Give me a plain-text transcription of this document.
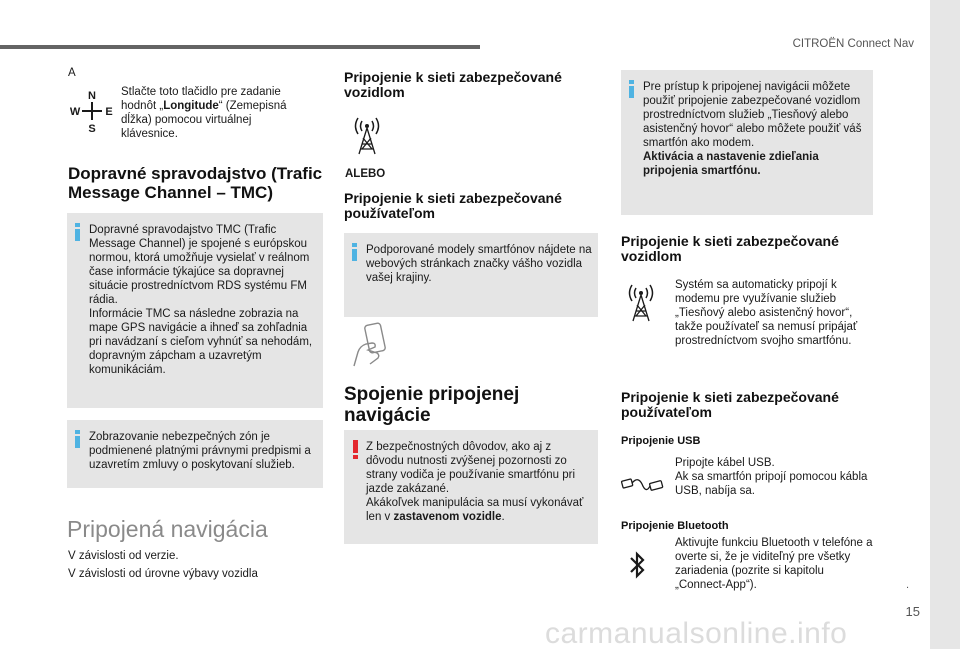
CITROËN Connect Nav
.
15
A
N
W E
S
Stlačte toto tlačidlo pre zadanie hodnôt „Longitude“ (Zemepisná dĺžka) pomocou virtuálnej klávesnice.
Dopravné spravodajstvo (Trafic
Message Channel – TMC)
Dopravné spravodajstvo TMC (Trafic Message Channel) je spojené s európskou normou, ktorá umožňuje vysielať v reálnom čase informácie týkajúce sa dopravnej situácie prostredníctvom RDS systému FM rádia.
Informácie TMC sa následne zobrazia na mape GPS navigácie a ihneď sa zohľadnia pri navádzaní s cieľom vyhnúť sa nehodám, dopravným zápcham a uzavretým komunikáciám.
Zobrazovanie nebezpečných zón je podmienené platnými právnymi predpismi a uzavretím zmluvy o poskytovaní služieb.
Pripojená navigácia
V závislosti od verzie.
V závislosti od úrovne výbavy vozidla
Pripojenie k sieti zabezpečované
vozidlom
ALEBO
Pripojenie k sieti zabezpečované
používateľom
Podporované modely smartfónov nájdete na webových stránkach značky vášho vozidla vašej krajiny.
Spojenie pripojenej
navigácie
Z bezpečnostných dôvodov, ako aj z dôvodu nutnosti zvýšenej pozornosti zo strany vodiča je používanie smartfónu pri jazde zakázané.
Akákoľvek manipulácia sa musí vykonávať len v zastavenom vozidle.
Pre prístup k pripojenej navigácii môžete použiť pripojenie zabezpečované vozidlom prostredníctvom služieb „Tiesňový alebo asistenčný hovor“ alebo môžete použiť váš smartfón ako modem.
Aktivácia a nastavenie zdieľania pripojenia smartfónu.
Pripojenie k sieti zabezpečované
vozidlom
Systém sa automaticky pripojí k modemu pre využívanie služieb „Tiesňový alebo asistenčný hovor“, takže používateľ sa nemusí pripájať prostredníctvom svojho smartfónu.
Pripojenie k sieti zabezpečované
používateľom
Pripojenie USB
Pripojte kábel USB.
Ak sa smartfón pripojí pomocou kábla USB, nabíja sa.
Pripojenie Bluetooth
Aktivujte funkciu Bluetooth v telefóne a overte si, že je viditeľný pre všetky zariadenia (pozrite si kapitolu „Connect-App“).
carmanualsonline.info
